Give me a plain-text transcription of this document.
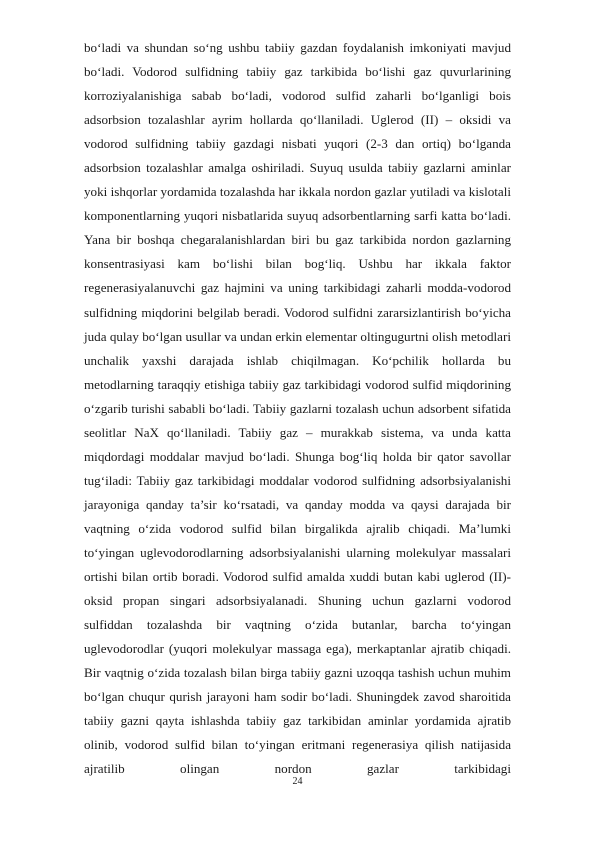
bo‘ladi va shundan so‘ng ushbu tabiiy gazdan foydalanish imkoniyati mavjud bo‘ladi. Vodorod sulfidning tabiiy gaz tarkibida bo‘lishi gaz quvurlarining korroziyalanishiga sabab bo‘ladi, vodorod sulfid zaharli bo‘lganligi bois adsorbsion tozalashlar ayrim hollarda qo‘llaniladi. Uglerod (II) – oksidi va vodorod sulfidning tabiiy gazdagi nisbati yuqori (2-3 dan ortiq) bo‘lganda adsorbsion tozalashlar amalga oshiriladi. Suyuq usulda tabiiy gazlarni aminlar yoki ishqorlar yordamida tozalashda har ikkala nordon gazlar yutiladi va kislotali komponentlarning yuqori nisbatlarida suyuq adsorbentlarning sarfi katta bo‘ladi. Yana bir boshqa chegaralanishlardan biri bu gaz tarkibida nordon gazlarning konsentrasiyasi kam bo‘lishi bilan bog‘liq. Ushbu har ikkala faktor regenerasiyalanuvchi gaz hajmini va uning tarkibidagi zaharli modda-vodorod sulfidning miqdorini belgilab beradi. Vodorod sulfidni zararsizlantirish bo‘yicha juda qulay bo‘lgan usullar va undan erkin elementar oltingugurtni olish metodlari unchalik yaxshi darajada ishlab chiqilmagan. Ko‘pchilik hollarda bu metodlarning taraqqiy etishiga tabiiy gaz tarkibidagi vodorod sulfid miqdorining o‘zgarib turishi sababli bo‘ladi. Tabiiy gazlarni tozalash uchun adsorbent sifatida seolitlar NaX qo‘llaniladi. Tabiiy gaz – murakkab sistema, va unda katta miqdordagi moddalar mavjud bo‘ladi. Shunga bog‘liq holda bir qator savollar tug‘iladi: Tabiiy gaz tarkibidagi moddalar vodorod sulfidning adsorbsiyalanishi jarayoniga qanday ta’sir ko‘rsatadi, va qanday modda va qaysi darajada bir vaqtning o‘zida vodorod sulfid bilan birgalikda ajralib chiqadi. Ma’lumki to‘yingan uglevodorodlarning adsorbsiyalanishi ularning molekulyar massalari ortishi bilan ortib boradi. Vodorod sulfid amalda xuddi butan kabi uglerod (II)-oksid propan singari adsorbsiyalanadi. Shuning uchun gazlarni vodorod sulfiddan tozalashda bir vaqtning o‘zida butanlar, barcha to‘yingan uglevodorodlar (yuqori molekulyar massaga ega), merkaptanlar ajratib chiqadi. Bir vaqtnig o‘zida tozalash bilan birga tabiiy gazni uzoqqa tashish uchun muhim bo‘lgan chuqur qurish jarayoni ham sodir bo‘ladi. Shuningdek zavod sharoitida tabiiy gazni qayta ishlashda tabiiy gaz tarkibidan aminlar yordamida ajratib olinib, vodorod sulfid bilan to‘yingan eritmani regenerasiya qilish natijasida ajratilib olingan nordon gazlar tarkibidagi

24
